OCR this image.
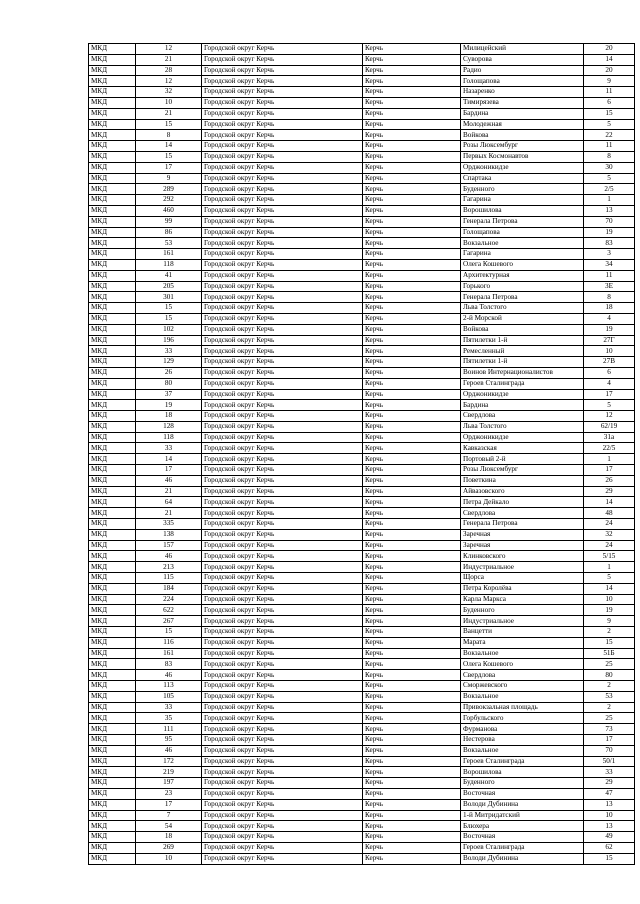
МКД	12	Городской округ Керчь	Керчь	Милицейский	20
МКД	21	Городской округ Керчь	Керчь	Суворова	14
МКД	28	Городской округ Керчь	Керчь	Радио	20
МКД	12	Городской округ Керчь	Керчь	Голощапова	9
МКД	32	Городской округ Керчь	Керчь	Назаренко	11
МКД	10	Городской округ Керчь	Керчь	Тимирязева	6
МКД	21	Городской округ Керчь	Керчь	Бардина	15
МКД	15	Городской округ Керчь	Керчь	Молодежная	5
МКД	8	Городской округ Керчь	Керчь	Войкова	22
МКД	14	Городской округ Керчь	Керчь	Розы Люксембург	11
МКД	15	Городской округ Керчь	Керчь	Первых Космонавтов	8
МКД	17	Городской округ Керчь	Керчь	Орджоникидзе	30
МКД	9	Городской округ Керчь	Керчь	Спартака	5
МКД	289	Городской округ Керчь	Керчь	Буденного	2/5
МКД	292	Городской округ Керчь	Керчь	Гагарина	1
МКД	460	Городской округ Керчь	Керчь	Ворошилова	13
МКД	99	Городской округ Керчь	Керчь	Генерала Петрова	70
МКД	86	Городской округ Керчь	Керчь	Голощапова	19
МКД	53	Городской округ Керчь	Керчь	Вокзальное	83
МКД	161	Городской округ Керчь	Керчь	Гагарина	3
МКД	118	Городской округ Керчь	Керчь	Олега Кошевого	34
МКД	41	Городской округ Керчь	Керчь	Архитектурная	11
МКД	205	Городской округ Керчь	Керчь	Горького	3Е
МКД	301	Городской округ Керчь	Керчь	Генерала Петрова	8
МКД	15	Городской округ Керчь	Керчь	Льва Толстого	18
МКД	15	Городской округ Керчь	Керчь	2-й Морской	4
МКД	102	Городской округ Керчь	Керчь	Войкова	19
МКД	196	Городской округ Керчь	Керчь	Пятилетки 1-й	27Г
МКД	33	Городской округ Керчь	Керчь	Ремесленный	10
МКД	129	Городской округ Керчь	Керчь	Пятилетки 1-й	27В
МКД	26	Городской округ Керчь	Керчь	Воинов Интернационалистов	6
МКД	80	Городской округ Керчь	Керчь	Героев Сталинграда	4
МКД	37	Городской округ Керчь	Керчь	Орджоникидзе	17
МКД	19	Городской округ Керчь	Керчь	Бардина	5
МКД	18	Городской округ Керчь	Керчь	Свердлова	12
МКД	128	Городской округ Керчь	Керчь	Льва Толстого	62/19
МКД	118	Городской округ Керчь	Керчь	Орджоникидзе	31а
МКД	33	Городской округ Керчь	Керчь	Кавказская	22/5
МКД	14	Городской округ Керчь	Керчь	Портовый 2-й	1
МКД	17	Городской округ Керчь	Керчь	Розы Люксембург	17
МКД	46	Городской округ Керчь	Керчь	Поветкина	26
МКД	21	Городской округ Керчь	Керчь	Айвазовского	29
МКД	64	Городской округ Керчь	Керчь	Петра Дейкало	14
МКД	21	Городской округ Керчь	Керчь	Свердлова	48
МКД	335	Городской округ Керчь	Керчь	Генерала Петрова	24
МКД	138	Городской округ Керчь	Керчь	Заречная	32
МКД	157	Городской округ Керчь	Керчь	Заречная	24
МКД	46	Городской округ Керчь	Керчь	Клинковского	5/15
МКД	213	Городской округ Керчь	Керчь	Индустриальное	1
МКД	115	Городской округ Керчь	Керчь	Щорса	5
МКД	184	Городской округ Керчь	Керчь	Петра Королёва	14
МКД	224	Городской округ Керчь	Керчь	Карла Маркса	10
МКД	622	Городской округ Керчь	Керчь	Буденного	19
МКД	267	Городской округ Керчь	Керчь	Индустриальное	9
МКД	15	Городской округ Керчь	Керчь	Ванцетти	2
МКД	116	Городской округ Керчь	Керчь	Марата	15
МКД	161	Городской округ Керчь	Керчь	Вокзальное	51Б
МКД	83	Городской округ Керчь	Керчь	Олега Кошевого	25
МКД	46	Городской округ Керчь	Керчь	Свердлова	80
МКД	113	Городской округ Керчь	Керчь	Сморжевского	2
МКД	105	Городской округ Керчь	Керчь	Вокзальное	53
МКД	33	Городской округ Керчь	Керчь	Привокзальная площадь	2
МКД	35	Городской округ Керчь	Керчь	Горбульского	25
МКД	111	Городской округ Керчь	Керчь	Фурманова	73
МКД	95	Городской округ Керчь	Керчь	Нестерова	17
МКД	46	Городской округ Керчь	Керчь	Вокзальное	70
МКД	172	Городской округ Керчь	Керчь	Героев Сталинграда	50/1
МКД	219	Городской округ Керчь	Керчь	Ворошилова	33
МКД	197	Городской округ Керчь	Керчь	Буденного	29
МКД	23	Городской округ Керчь	Керчь	Восточная	47
МКД	17	Городской округ Керчь	Керчь	Володи Дубинина	13
МКД	7	Городской округ Керчь	Керчь	1-й Митридатский	10
МКД	54	Городской округ Керчь	Керчь	Блюхера	13
МКД	18	Городской округ Керчь	Керчь	Восточная	49
МКД	269	Городской округ Керчь	Керчь	Героев Сталинграда	62
МКД	10	Городской округ Керчь	Керчь	Володи Дубинина	15
